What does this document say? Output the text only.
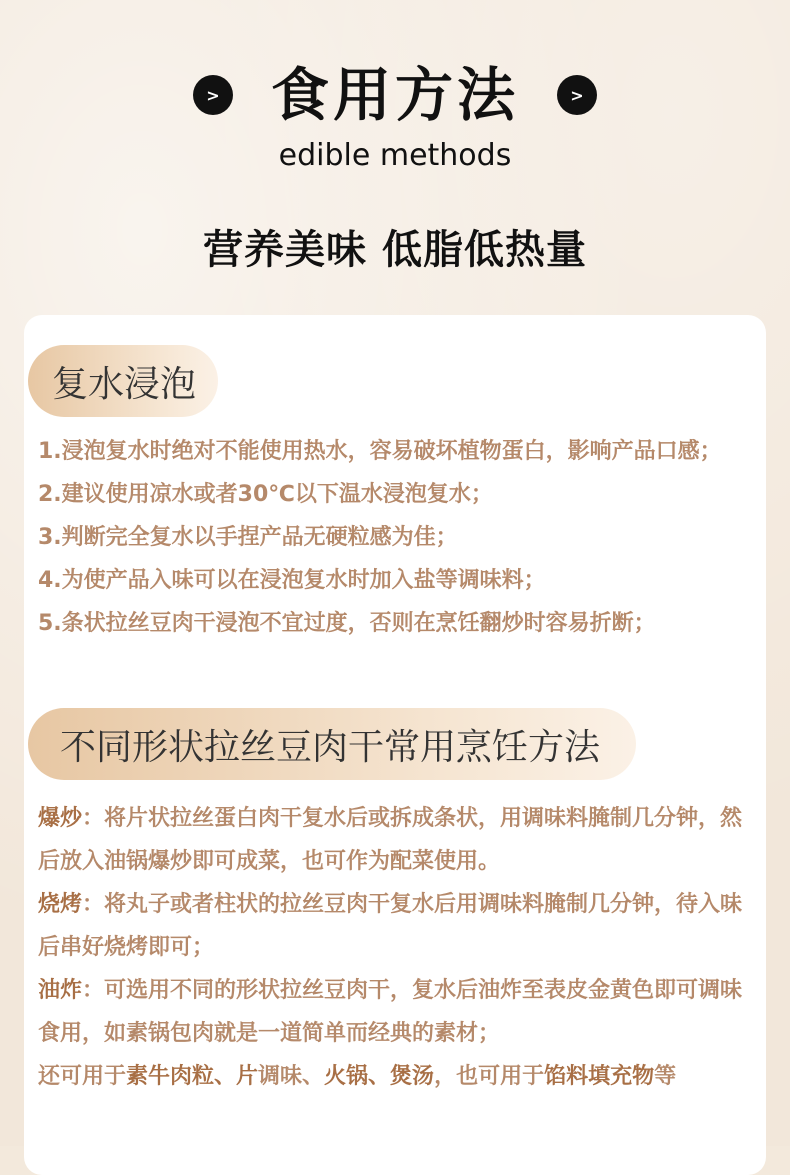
> 食用方法	>
edible methods
营养美味 低脂低热量
复水浸泡

1.浸泡复水时绝对不能使用热水，容易破坏植物蛋白，影响产品口感；

2.建议使用凉水或者30℃以下温水浸泡复水；

3.判断完全复水以手捏产品无硬粒感为佳；

4.为使产品入味可以在浸泡复水时加入盐等调味料；

5.条状拉丝豆肉干浸泡不宜过度，否则在烹饪翻炒时容易折断；

不同形状拉丝豆肉干常用烹饪方法

爆炒：将片状拉丝蛋白肉干复水后或拆成条状，用调味料腌制几分钟，然后放入油锅爆炒即可成菜，也可作为配菜使用。

烧烤：将丸子或者柱状的拉丝豆肉干复水后用调味料腌制几分钟，待入味后串好烧烤即可；

油炸：可选用不同的形状拉丝豆肉干，复水后油炸至表皮金黄色即可调味食用，如素锅包肉就是一道简单而经典的素材；

还可用于素牛肉粒、片调味、火锅、煲汤，也可用于馅料填充物等
